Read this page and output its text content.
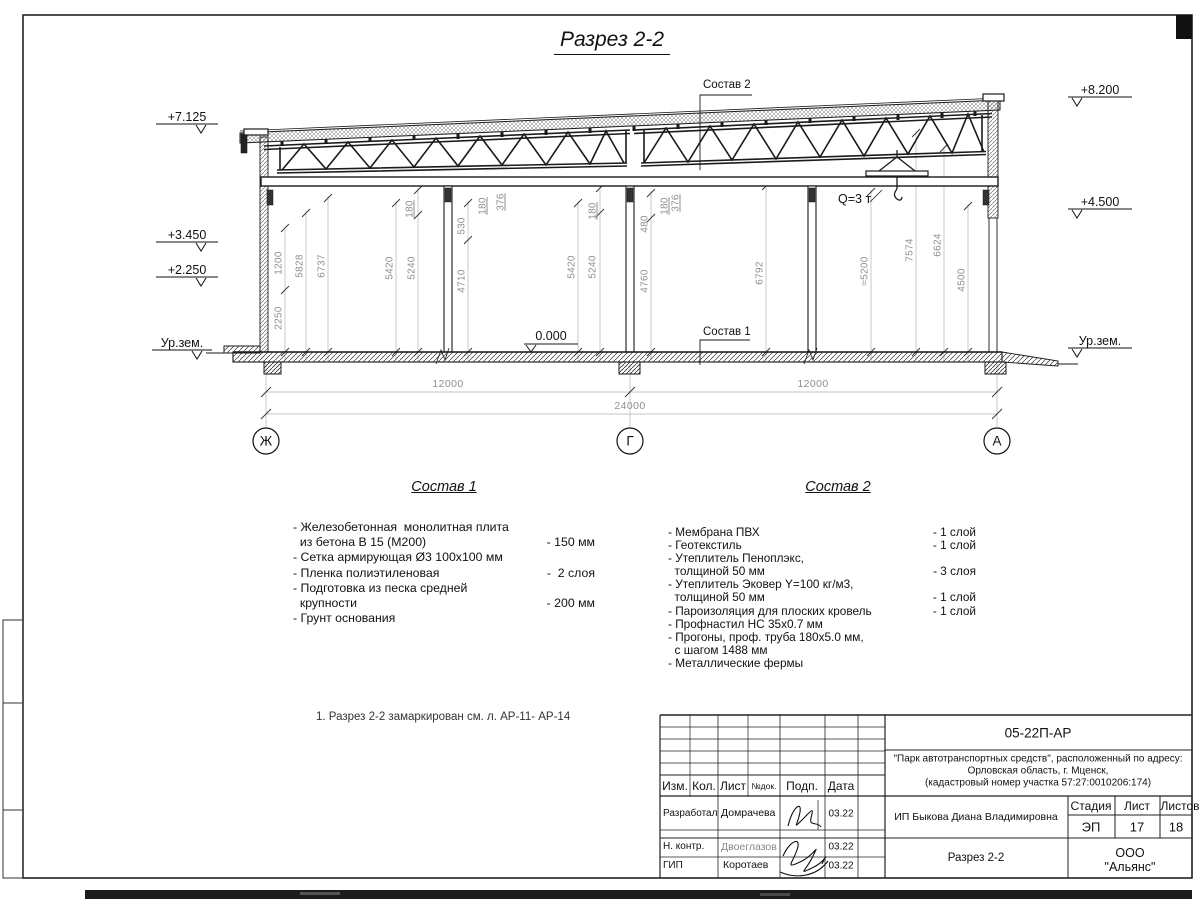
Разрез 2-2
1. Разрез 2-2 замаркирован см. л. АР-11- АР-14
+7.125
+3.450
+2.250
Ур.зем.
+8.200
+4.500
Ур.зем.
0.000
Состав 2
Состав 1
Q=3 т
1200
2250
5828 6737
180
5420 5240
530
180 376
4710
180
5420 5240
480
180 376
4760	6792	≈5200
7574 6624
4500
12000	12000
24000
Ж	Г	А
Состав 1
- Железобетонная  монолитная плита
из бетона В 15 (М200)	- 150 мм
- Сетка армирующая Ø3 100x100 мм
- Пленка полиэтиленовая	-  2 слоя
- Подготовка из песка средней
крупности	- 200 мм
- Грунт основания
Состав 2
- Мембрана ПВХ	- 1 слой
- Геотекстиль	- 1 слой
- Утеплитель Пеноплэкс,
толщиной 50 мм	- 3 слоя
- Утеплитель Эковер Y=100 кг/м3,
толщиной 50 мм	- 1 слой
- Пароизоляция для плоских кровель	- 1 слой
- Профнастил НС 35x0.7 мм
- Прогоны, проф. труба 180x5.0 мм,
с шагом 1488 мм
- Металлические фермы
05-22П-АР
"Парк автотранспортных средств", расположенный по адресу:
Орловская область, г. Мценск,
(кадастровый номер участка 57:27:0010206:174)
Изм. Кол. Лист №док. Подп. Дата
Разработал Домрачева	03.22
Н. контр. Двоеглазов	03.22
ГИП	Коротаев	03.22
ИП Быкова Диана Владимировна
Разрез 2-2
Стадия Лист Листов
ЭП 17 18
ООО "Альянс"
